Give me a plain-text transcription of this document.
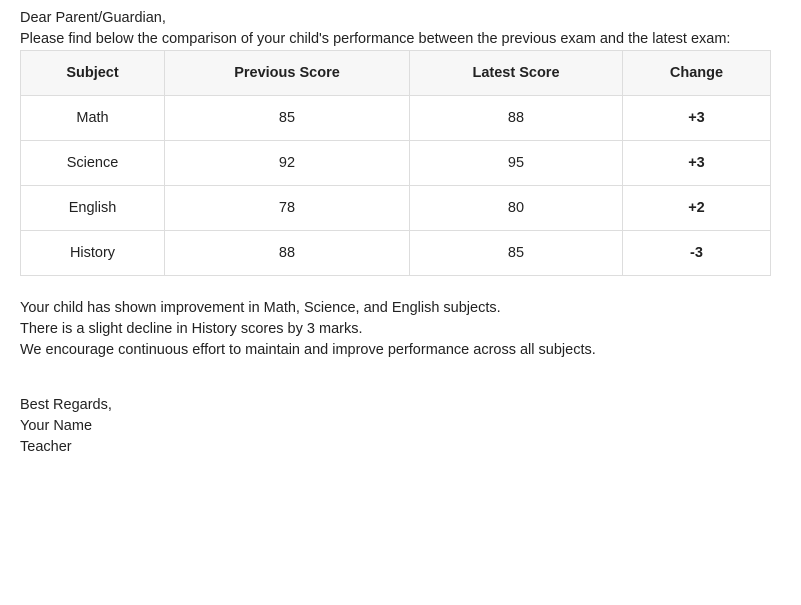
Dear Parent/Guardian,

Please find below the comparison of your child's performance between the previous exam and the latest exam:

Subject	Previous Score	Latest Score	Change
Math	85	88	+3
Science	92	95	+3
English	78	80	+2
History	88	85	-3

Your child has shown improvement in Math, Science, and English subjects.

There is a slight decline in History scores by 3 marks.

We encourage continuous effort to maintain and improve performance across all subjects.

Best Regards,

Your Name

Teacher
